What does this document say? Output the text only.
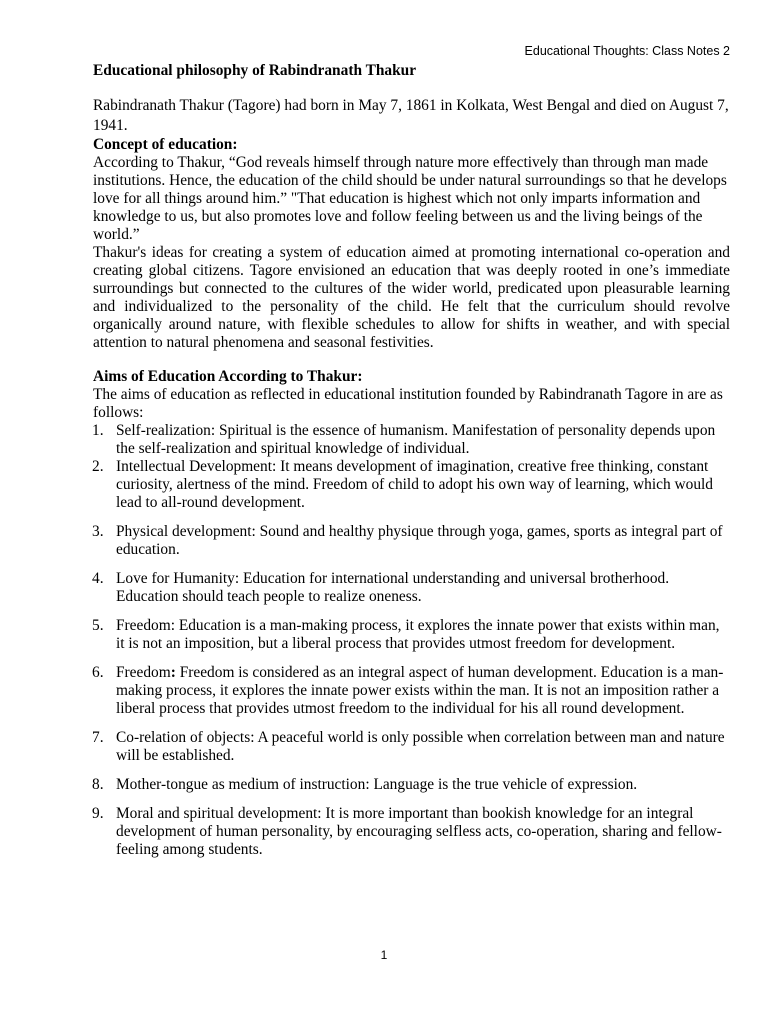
Educational Thoughts: Class Notes 2

Educational philosophy of Rabindranath Thakur

Rabindranath Thakur (Tagore) had born in May 7, 1861 in Kolkata, West Bengal and died on August 7, 1941.

Concept of education:

According to Thakur, “God reveals himself through nature more effectively than through man made institutions. Hence, the education of the child should be under natural surroundings so that he develops love for all things around him.” "That education is highest which not only imparts information and knowledge to us, but also promotes love and follow feeling between us and the living beings of the world.”

Thakur's ideas for creating a system of education aimed at promoting international co-operation and creating global citizens. Tagore envisioned an education that was deeply rooted in one’s immediate surroundings but connected to the cultures of the wider world, predicated upon pleasurable learning and individualized to the personality of the child. He felt that the curriculum should revolve organically around nature, with flexible schedules to allow for shifts in weather, and with special attention to natural phenomena and seasonal festivities.

Aims of Education According to Thakur:

The aims of education as reflected in educational institution founded by Rabindranath Tagore in are as follows:

1. Self-realization: Spiritual is the essence of humanism. Manifestation of personality depends upon the self-realization and spiritual knowledge of individual.
2. Intellectual Development: It means development of imagination, creative free thinking, constant curiosity, alertness of the mind. Freedom of child to adopt his own way of learning, which would lead to all-round development.
3. Physical development: Sound and healthy physique through yoga, games, sports as integral part of education.
4. Love for Humanity: Education for international understanding and universal brotherhood. Education should teach people to realize oneness.
5. Freedom: Education is a man-making process, it explores the innate power that exists within man, it is not an imposition, but a liberal process that provides utmost freedom for development.
6. Freedom: Freedom is considered as an integral aspect of human development. Education is a man-making process, it explores the innate power exists within the man. It is not an imposition rather a liberal process that provides utmost freedom to the individual for his all round development.
7. Co-relation of objects: A peaceful world is only possible when correlation between man and nature will be established.
8. Mother-tongue as medium of instruction: Language is the true vehicle of expression.
9. Moral and spiritual development: It is more important than bookish knowledge for an integral development of human personality, by encouraging selfless acts, co-operation, sharing and fellow-feeling among students.
1
